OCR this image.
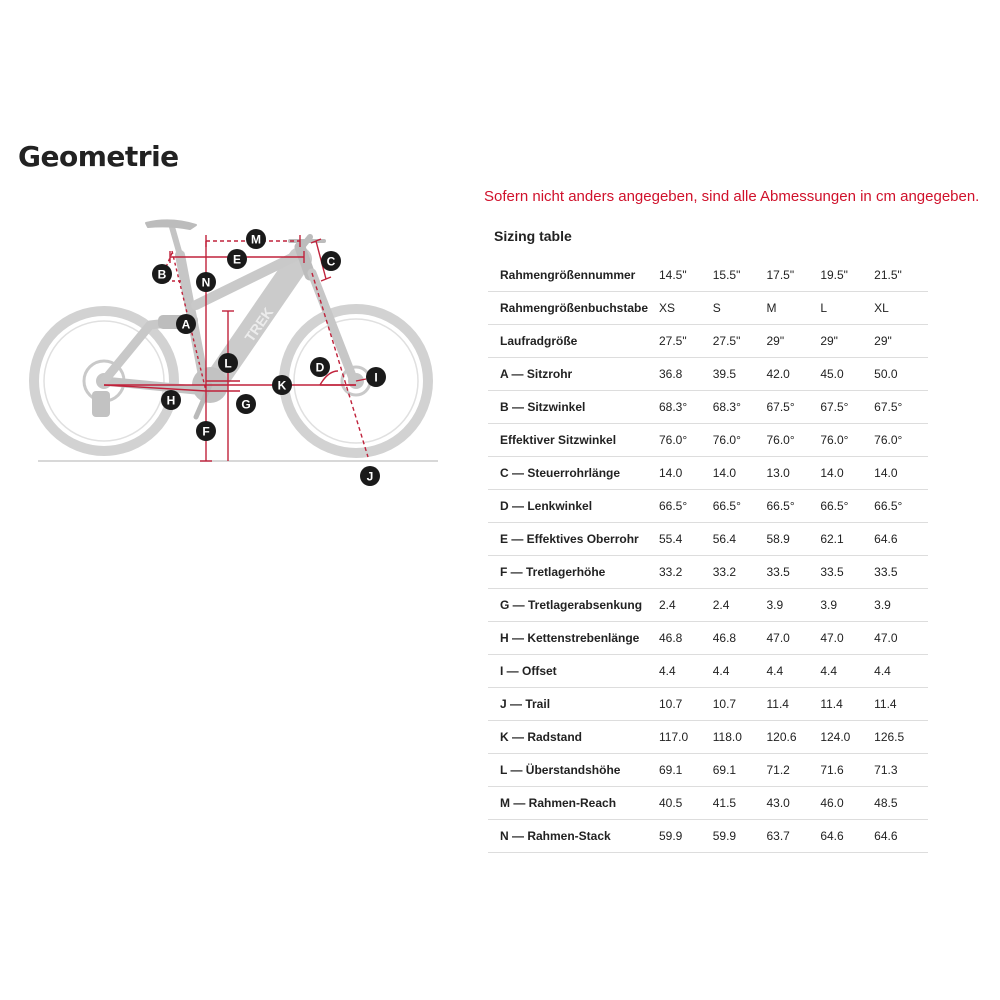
Geometrie
Sofern nicht anders angegeben, sind alle Abmessungen in cm angegeben.
TREK
A
B
C
D
E
F
G
H
I
J
K
L
M
N
Sizing table
Rahmengrößennummer	14.5"	15.5"	17.5"	19.5"	21.5"
Rahmengrößenbuchstabe	XS	S	M	L	XL
Laufradgröße	27.5"	27.5"	29"	29"	29"
A — Sitzrohr	36.8	39.5	42.0	45.0	50.0
B — Sitzwinkel	68.3°	68.3°	67.5°	67.5°	67.5°
Effektiver Sitzwinkel	76.0°	76.0°	76.0°	76.0°	76.0°
C — Steuerrohrlänge	14.0	14.0	13.0	14.0	14.0
D — Lenkwinkel	66.5°	66.5°	66.5°	66.5°	66.5°
E — Effektives Oberrohr	55.4	56.4	58.9	62.1	64.6
F — Tretlagerhöhe	33.2	33.2	33.5	33.5	33.5
G — Tretlagerabsenkung	2.4	2.4	3.9	3.9	3.9
H — Kettenstrebenlänge	46.8	46.8	47.0	47.0	47.0
I — Offset	4.4	4.4	4.4	4.4	4.4
J — Trail	10.7	10.7	11.4	11.4	11.4
K — Radstand	117.0	118.0	120.6	124.0	126.5
L — Überstandshöhe	69.1	69.1	71.2	71.6	71.3
M — Rahmen-Reach	40.5	41.5	43.0	46.0	48.5
N — Rahmen-Stack	59.9	59.9	63.7	64.6	64.6
